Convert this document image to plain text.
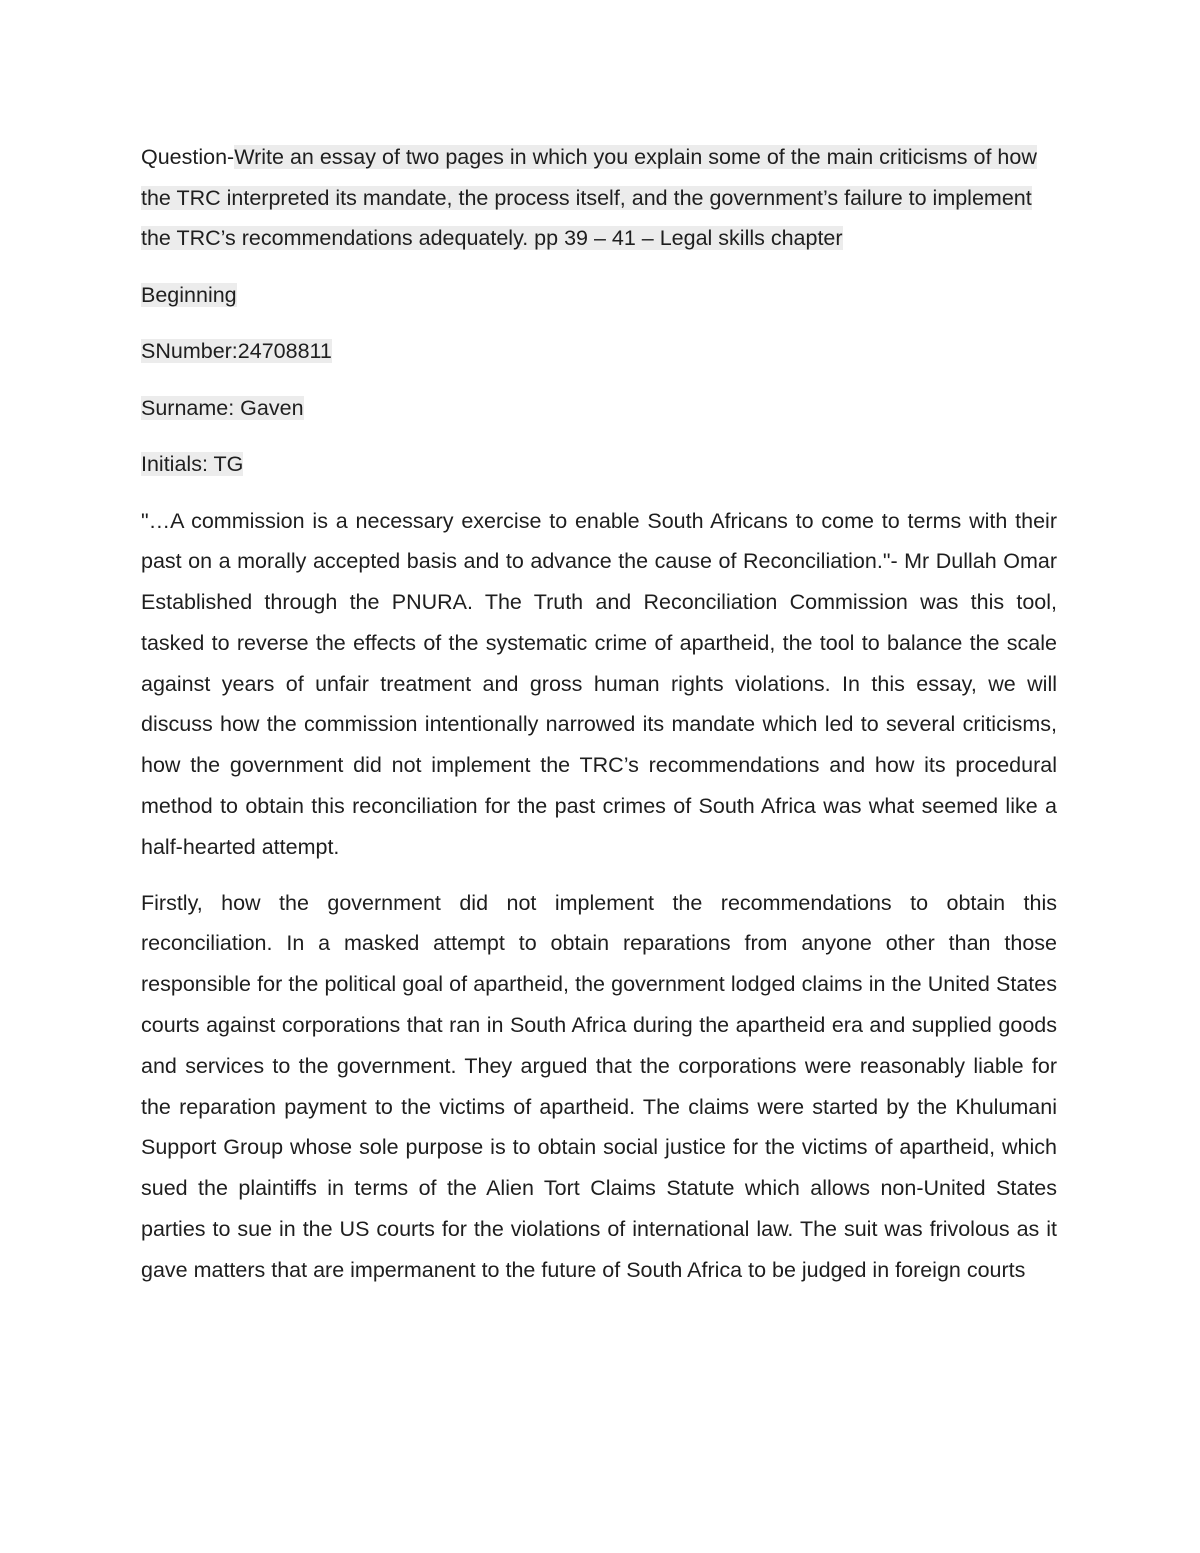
Question-Write an essay of two pages in which you explain some of the main criticisms of how the TRC interpreted its mandate, the process itself, and the government’s failure to implement the TRC’s recommendations adequately. pp 39 – 41 – Legal skills chapter

Beginning

SNumber:24708811

Surname: Gaven

Initials: TG

"…A commission is a necessary exercise to enable South Africans to come to terms with their past on a morally accepted basis and to advance the cause of Reconciliation."- Mr Dullah Omar Established through the PNURA. The Truth and Reconciliation Commission was this tool, tasked to reverse the effects of the systematic crime of apartheid, the tool to balance the scale against years of unfair treatment and gross human rights violations. In this essay, we will discuss how the commission intentionally narrowed its mandate which led to several criticisms, how the government did not implement the TRC’s recommendations and how its procedural method to obtain this reconciliation for the past crimes of South Africa was what seemed like a half-hearted attempt.

Firstly, how the government did not implement the recommendations to obtain this reconciliation. In a masked attempt to obtain reparations from anyone other than those responsible for the political goal of apartheid, the government lodged claims in the United States courts against corporations that ran in South Africa during the apartheid era and supplied goods and services to the government. They argued that the corporations were reasonably liable for the reparation payment to the victims of apartheid. The claims were started by the Khulumani Support Group whose sole purpose is to obtain social justice for the victims of apartheid, which sued the plaintiffs in terms of the Alien Tort Claims Statute which allows non-United States parties to sue in the US courts for the violations of international law. The suit was frivolous as it gave matters that are impermanent to the future of South Africa to be judged in foreign courts
